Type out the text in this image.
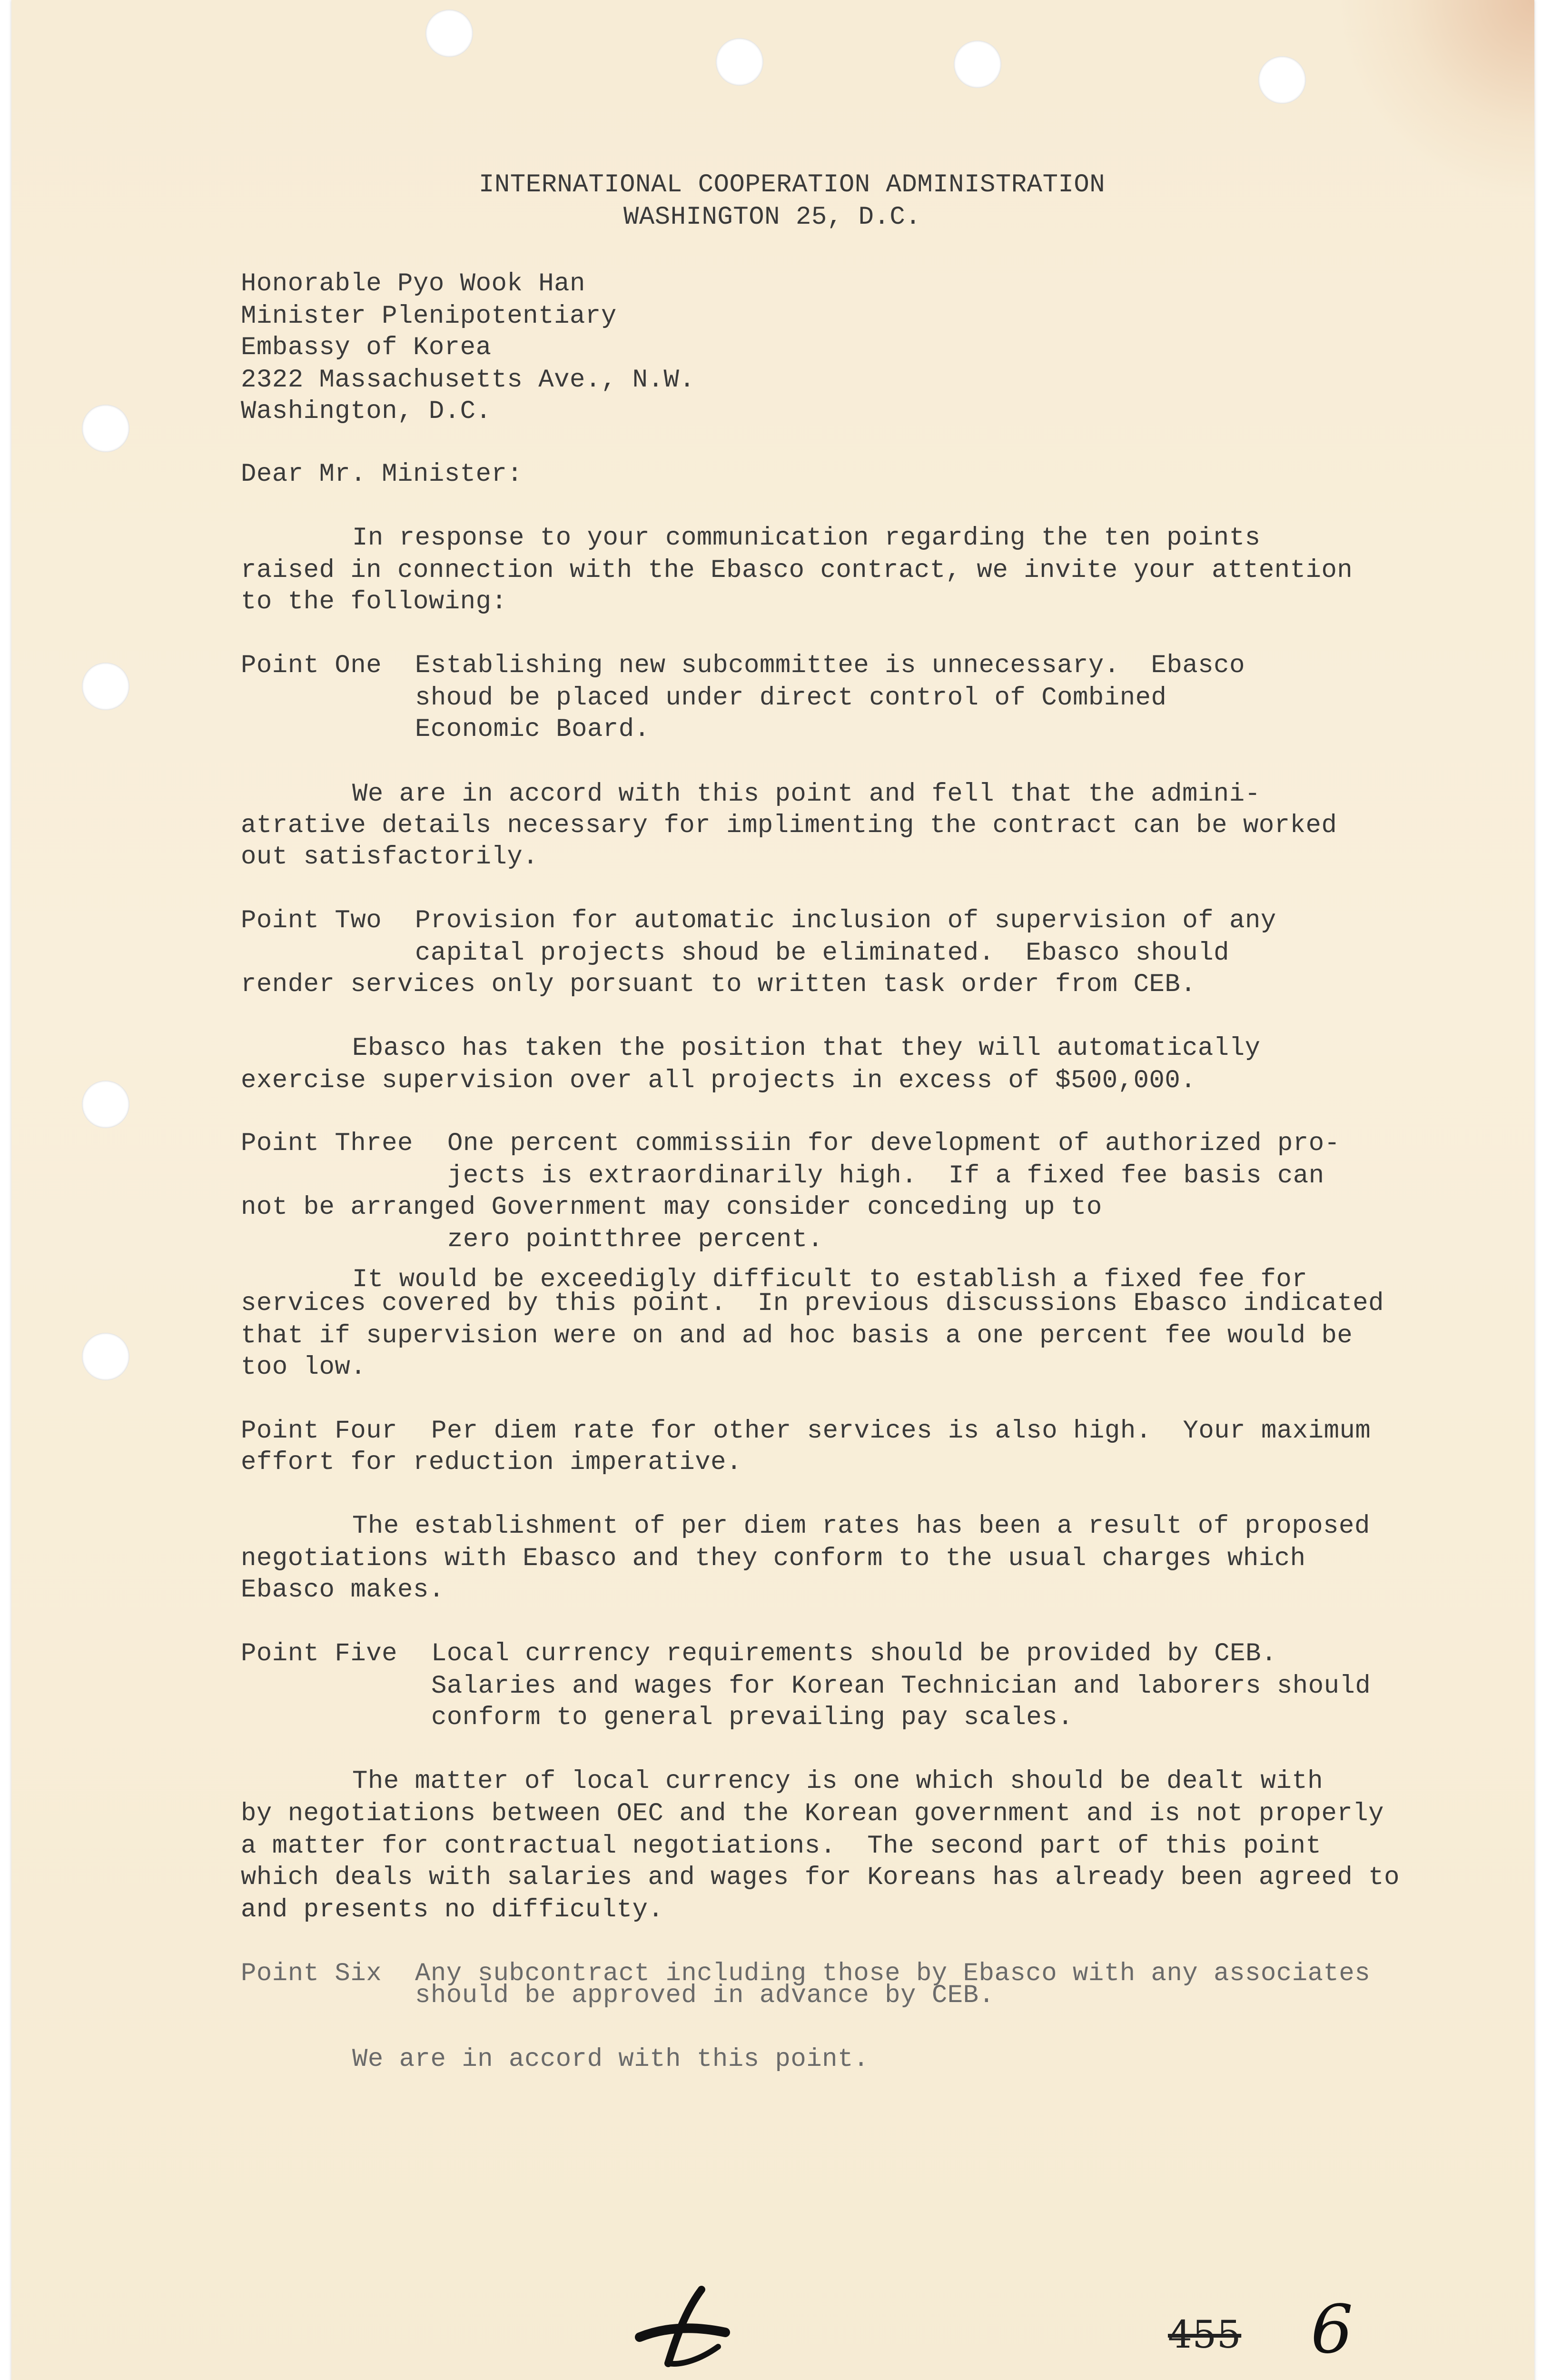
INTERNATIONAL COOPERATION ADMINISTRATION
WASHINGTON 25, D.C.
Honorable Pyo Wook Han
Minister Plenipotentiary
Embassy of Korea
2322 Massachusetts Ave., N.W.
Washington, D.C.
Dear Mr. Minister:
In response to your communication regarding the ten points
raised in connection with the Ebasco contract, we invite your attention
to the following:
Point One Establishing new subcommittee is unnecessary.  Ebasco
shoud be placed under direct control of Combined
Economic Board.
We are in accord with this point and fell that the admini-
atrative details necessary for implimenting the contract can be worked
out satisfactorily.
Point Two Provision for automatic inclusion of supervision of any
capital projects shoud be eliminated.  Ebasco should
render services only porsuant to written task order from CEB.
Ebasco has taken the position that they will automatically
exercise supervision over all projects in excess of $500,000.
Point Three One percent commissiin for development of authorized pro-
jects is extraordinarily high.  If a fixed fee basis can
not be arranged Government may consider conceding up to
zero pointthree percent.
It would be exceedigly difficult to establish a fixed fee for
services covered by this point.  In previous discussions Ebasco indicated
that if supervision were on and ad hoc basis a one percent fee would be
too low.
Point Four Per diem rate for other services is also high.  Your maximum
effort for reduction imperative.
The establishment of per diem rates has been a result of proposed
negotiations with Ebasco and they conform to the usual charges which
Ebasco makes.
Point Five Local currency requirements should be provided by CEB.
Salaries and wages for Korean Technician and laborers should
conform to general prevailing pay scales.
The matter of local currency is one which should be dealt with
by negotiations between OEC and the Korean government and is not properly
a matter for contractual negotiations.  The second part of this point
which deals with salaries and wages for Koreans has already been agreed to
and presents no difficulty.
Point Six Any subcontract including those by Ebasco with any associates
should be approved in advance by CEB.
We are in accord with this point.
455 6
